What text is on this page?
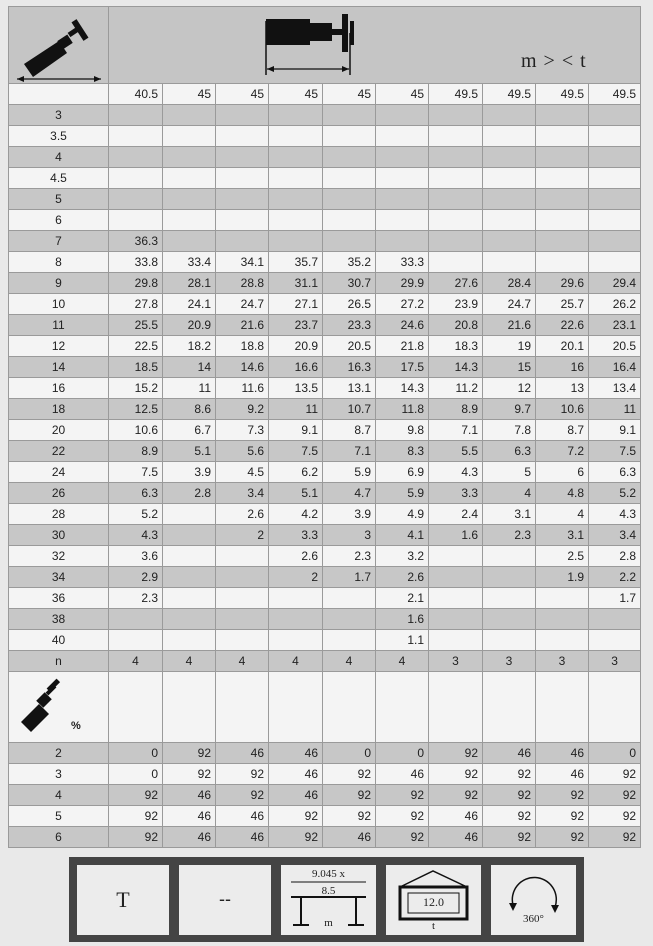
m > < t									

	40.5	45	45	45	45	45	49.5	49.5	49.5	49.5
3										
3.5										
4										
4.5										
5										
6										
7	36.3									
8	33.8	33.4	34.1	35.7	35.2	33.3				
9	29.8	28.1	28.8	31.1	30.7	29.9	27.6	28.4	29.6	29.4
10	27.8	24.1	24.7	27.1	26.5	27.2	23.9	24.7	25.7	26.2
11	25.5	20.9	21.6	23.7	23.3	24.6	20.8	21.6	22.6	23.1
12	22.5	18.2	18.8	20.9	20.5	21.8	18.3	19	20.1	20.5
14	18.5	14	14.6	16.6	16.3	17.5	14.3	15	16	16.4
16	15.2	11	11.6	13.5	13.1	14.3	11.2	12	13	13.4
18	12.5	8.6	9.2	11	10.7	11.8	8.9	9.7	10.6	11
20	10.6	6.7	7.3	9.1	8.7	9.8	7.1	7.8	8.7	9.1
22	8.9	5.1	5.6	7.5	7.1	8.3	5.5	6.3	7.2	7.5
24	7.5	3.9	4.5	6.2	5.9	6.9	4.3	5	6	6.3
26	6.3	2.8	3.4	5.1	4.7	5.9	3.3	4	4.8	5.2
28	5.2		2.6	4.2	3.9	4.9	2.4	3.1	4	4.3
30	4.3		2	3.3	3	4.1	1.6	2.3	3.1	3.4
32	3.6			2.6	2.3	3.2			2.5	2.8
34	2.9			2	1.7	2.6			1.9	2.2
36	2.3					2.1				1.7
38						1.6				
40						1.1				
n	4	4	4	4	4	4	3	3	3	3

%										

2	0	92	46	46	0	0	92	46	46	0
3	0	92	92	46	92	46	92	92	46	92
4	92	46	92	46	92	92	92	92	92	92
5	92	46	46	92	92	92	46	92	92	92
6	92	46	46	92	46	92	46	92	92	92
T	--
9.045 x
8.5
m
12.0
t
360°
